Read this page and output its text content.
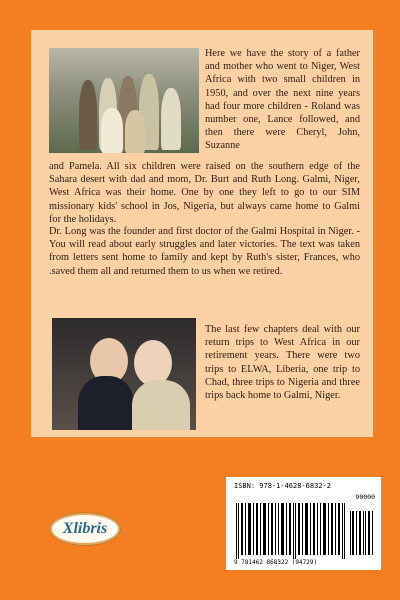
Here we have the story of a father and mother who went to Niger, West Africa with two small children in 1950, and over the next nine years had four more children - Roland was number one, Lance followed, and then there were Cheryl, John, Suzanne

and Pamela. All six children were raised on the southern edge of the Sahara desert with dad and mom, Dr. Burt and Ruth Long. Galmi, Niger, West Africa was their home. One by one they left to go to our SIM missionary kids' school in Jos, Nigeria, but always came home to Galmi for the holidays.

Dr. Long was the founder and first doctor of the Galmi Hospital in Niger. -You will read about early struggles and later victories. The text was taken from letters sent home to family and kept by Ruth's sister, Frances, who .saved them all and returned them to us when we retired.

The last few chapters deal with our return trips to West Africa in our retirement years. There were two trips to ELWA, Liberia, one trip to Chad, three trips to Nigeria and three trips back home to Galmi, Niger.

ISBN: 978-1-4628-6832-2
90000
9 781462 868322 (94729)
Xlibris
